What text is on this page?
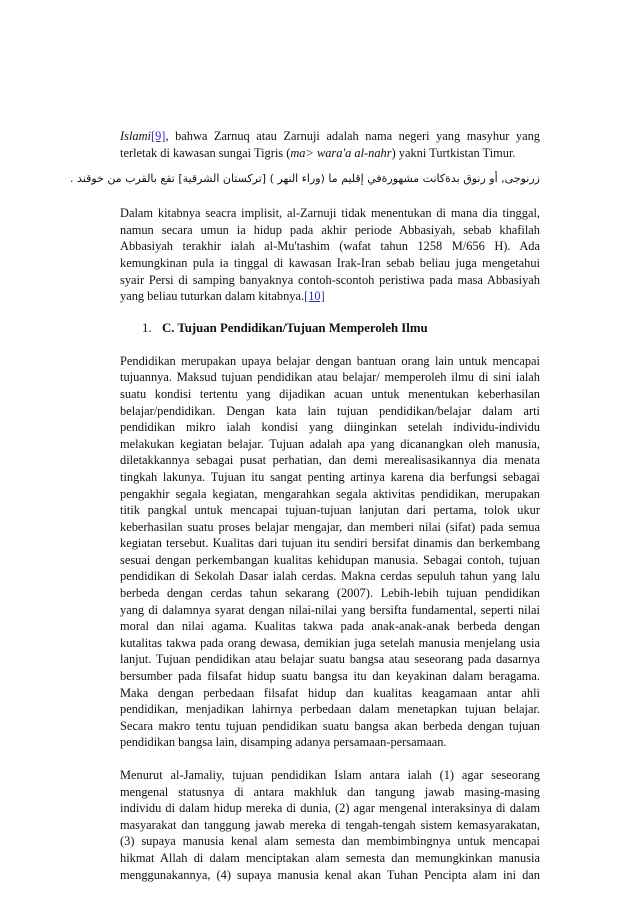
Islami[9], bahwa Zarnuq atau Zarnuji adalah nama negeri yang masyhur yang
terletak di kawasan sungai Tigris (ma> wara'a al-nahr) yakni Turtkistan Timur.
زرنوجى, أو رنوق بدةكانت مشهورةفي إقليم ما (وراء النهر ) [تركستان الشرقية] تقع بالقرب من خوقند .
Dalam kitabnya seacra implisit, al-Zarnuji tidak menentukan di mana dia tinggal,
namun secara umun ia hidup pada akhir periode Abbasiyah, sebab khafilah
Abbasiyah terakhir ialah al-Mu'tashim (wafat tahun 1258 M/656 H). Ada
kemungkinan pula ia tinggal di kawasan Irak-Iran sebab beliau juga mengetahui
syair Persi di samping banyaknya contoh-scontoh peristiwa pada masa Abbasiyah
yang beliau tuturkan dalam kitabnya.[10]
1. C. Tujuan Pendidikan/Tujuan Memperoleh Ilmu
Pendidikan merupakan upaya belajar dengan bantuan orang lain untuk mencapai
tujuannya. Maksud tujuan pendidikan atau belajar/ memperoleh ilmu di sini ialah
suatu kondisi tertentu yang dijadikan acuan untuk menentukan keberhasilan
belajar/pendidikan. Dengan kata lain tujuan pendidikan/belajar dalam arti
pendidikan mikro ialah kondisi yang diinginkan setelah individu-individu
melakukan kegiatan belajar. Tujuan adalah apa yang dicanangkan oleh manusia,
diletakkannya sebagai pusat perhatian, dan demi merealisasikannya dia menata
tingkah lakunya. Tujuan itu sangat penting artinya karena dia berfungsi sebagai
pengakhir segala kegiatan, mengarahkan segala aktivitas pendidikan, merupakan
titik pangkal untuk mencapai tujuan-tujuan lanjutan dari pertama, tolok ukur
keberhasilan suatu proses belajar mengajar, dan memberi nilai (sifat) pada semua
kegiatan tersebut. Kualitas dari tujuan itu sendiri bersifat dinamis dan berkembang
sesuai dengan perkembangan kualitas kehidupan manusia. Sebagai contoh, tujuan
pendidikan di Sekolah Dasar ialah cerdas. Makna cerdas sepuluh tahun yang lalu
berbeda dengan cerdas tahun sekarang (2007). Lebih-lebih tujuan pendidikan
yang di dalamnya syarat dengan nilai-nilai yang bersifta fundamental, seperti nilai
moral dan nilai agama. Kualitas takwa pada anak-anak-anak berbeda dengan
kutalitas takwa pada orang dewasa, demikian juga setelah manusia menjelang usia
lanjut. Tujuan pendidikan atau belajar suatu bangsa atau seseorang pada dasarnya
bersumber pada filsafat hidup suatu bangsa itu dan keyakinan dalam beragama.
Maka dengan perbedaan filsafat hidup dan kualitas keagamaan antar ahli
pendidikan, menjadikan lahirnya perbedaan dalam menetapkan tujuan belajar.
Secara makro tentu tujuan pendidikan suatu bangsa akan berbeda dengan tujuan
pendidikan bangsa lain, disamping adanya persamaan-persamaan.
Menurut al-Jamaliy, tujuan pendidikan Islam antara ialah (1) agar seseorang
mengenal statusnya di antara makhluk dan tangung jawab masing-masing
individu di dalam hidup mereka di dunia, (2) agar mengenal interaksinya di dalam
masyarakat dan tanggung jawab mereka di tengah-tengah sistem kemasyarakatan,
(3) supaya manusia kenal alam semesta dan membimbingnya untuk mencapai
hikmat Allah di dalam menciptakan alam semesta dan memungkinkan manusia
menggunakannya, (4) supaya manusia kenal akan Tuhan Pencipta alam ini dan
